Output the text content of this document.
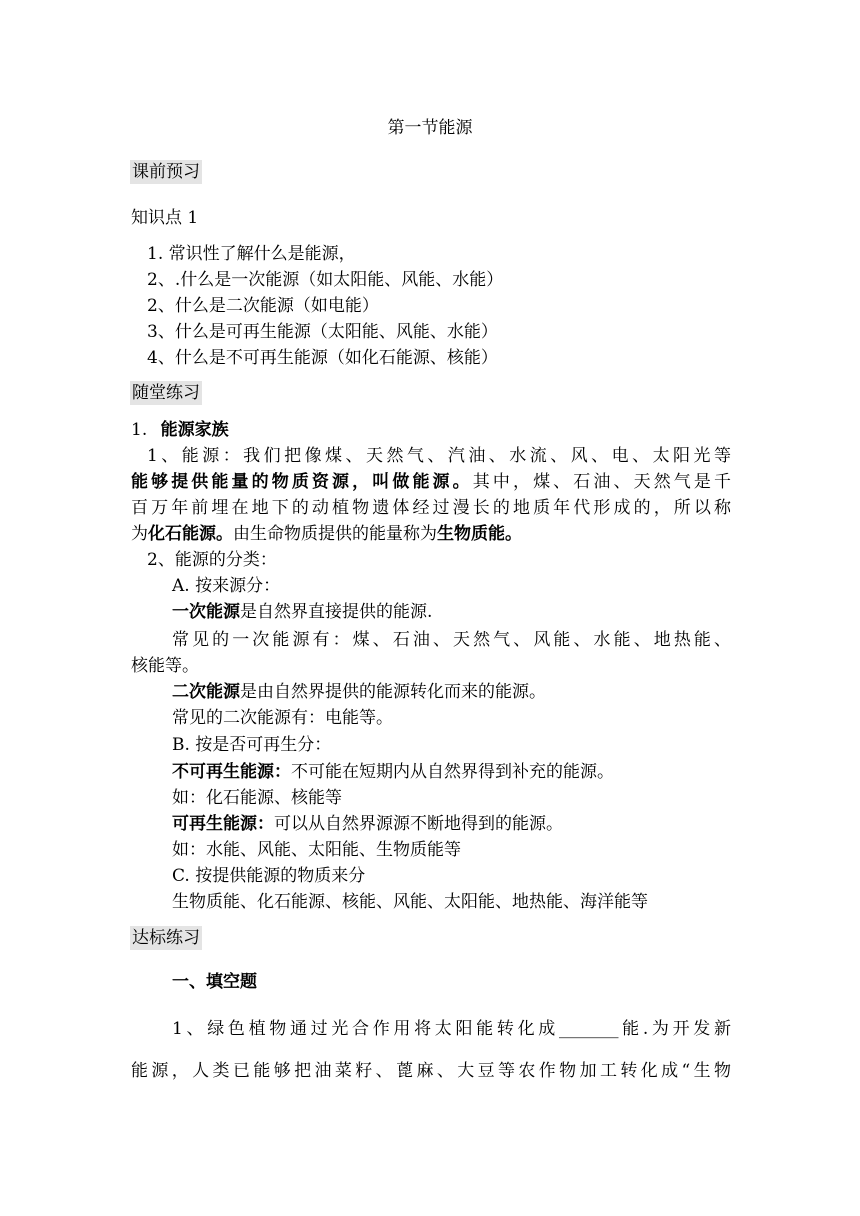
第一节能源
课前预习
知识点 1
1. 常识性了解什么是能源，
2、.什么是一次能源（如太阳能、风能、水能）
2、什么是二次能源（如电能）
3、什么是可再生能源（太阳能、风能、水能）
4、什么是不可再生能源（如化石能源、核能）
随堂练习
1. 能源家族
1、能源：我们把像煤、天然气、汽油、水流、风、电、太阳光等
能够提供能量的物质资源，叫做能源。其中，煤、石油、天然气是千
百万年前埋在地下的动植物遗体经过漫长的地质年代形成的，所以称
为化石能源。由生命物质提供的能量称为生物质能。
2、能源的分类：
A. 按来源分：
一次能源是自然界直接提供的能源.
常见的一次能源有：煤、石油、天然气、风能、水能、地热能、
核能等。
二次能源是由自然界提供的能源转化而来的能源。
常见的二次能源有：电能等。
B. 按是否可再生分：
不可再生能源：不可能在短期内从自然界得到补充的能源。
如：化石能源、核能等
可再生能源：可以从自然界源源不断地得到的能源。
如：水能、风能、太阳能、生物质能等
C. 按提供能源的物质来分
生物质能、化石能源、核能、风能、太阳能、地热能、海洋能等
达标练习
一、填空题
1、绿色植物通过光合作用将太阳能转化成_______能.为开发新
能源，人类已能够把油菜籽、蓖麻、大豆等农作物加工转化成“生物
